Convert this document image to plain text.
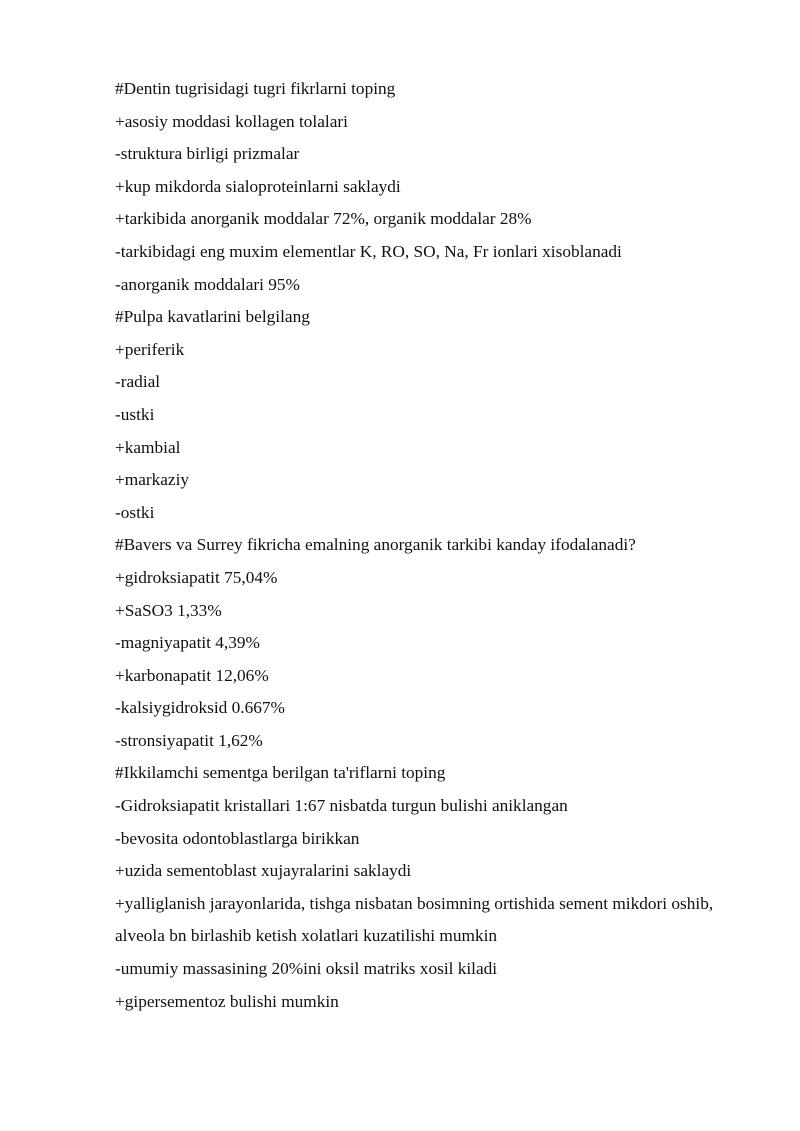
#Dentin tugrisidagi tugri fikrlarni toping
+asosiy moddasi kollagen tolalari
-struktura birligi prizmalar
+kup mikdorda sialoproteinlarni saklaydi
+tarkibida anorganik moddalar 72%, organik moddalar 28%
-tarkibidagi eng muxim elementlar K, RO, SO, Na, Fr ionlari xisoblanadi
-anorganik moddalari 95%
#Pulpa kavatlarini belgilang
+periferik
-radial
-ustki
+kambial
+markaziy
-ostki
#Bavers va Surrey fikricha emalning anorganik tarkibi kanday ifodalanadi?
+gidroksiapatit 75,04%
+SaSO3 1,33%
-magniyapatit 4,39%
+karbonapatit 12,06%
-kalsiygidroksid 0.667%
-stronsiyapatit 1,62%
#Ikkilamchi sementga berilgan ta'riflarni toping
-Gidroksiapatit kristallari 1:67 nisbatda turgun bulishi aniklangan
-bevosita odontoblastlarga birikkan
+uzida sementoblast xujayralarini saklaydi
+yalliglanish jarayonlarida, tishga nisbatan bosimning ortishida sement mikdori oshib, alveola bn birlashib ketish xolatlari kuzatilishi mumkin
-umumiy massasining 20%ini oksil matriks xosil kiladi
+gipersementoz bulishi mumkin
